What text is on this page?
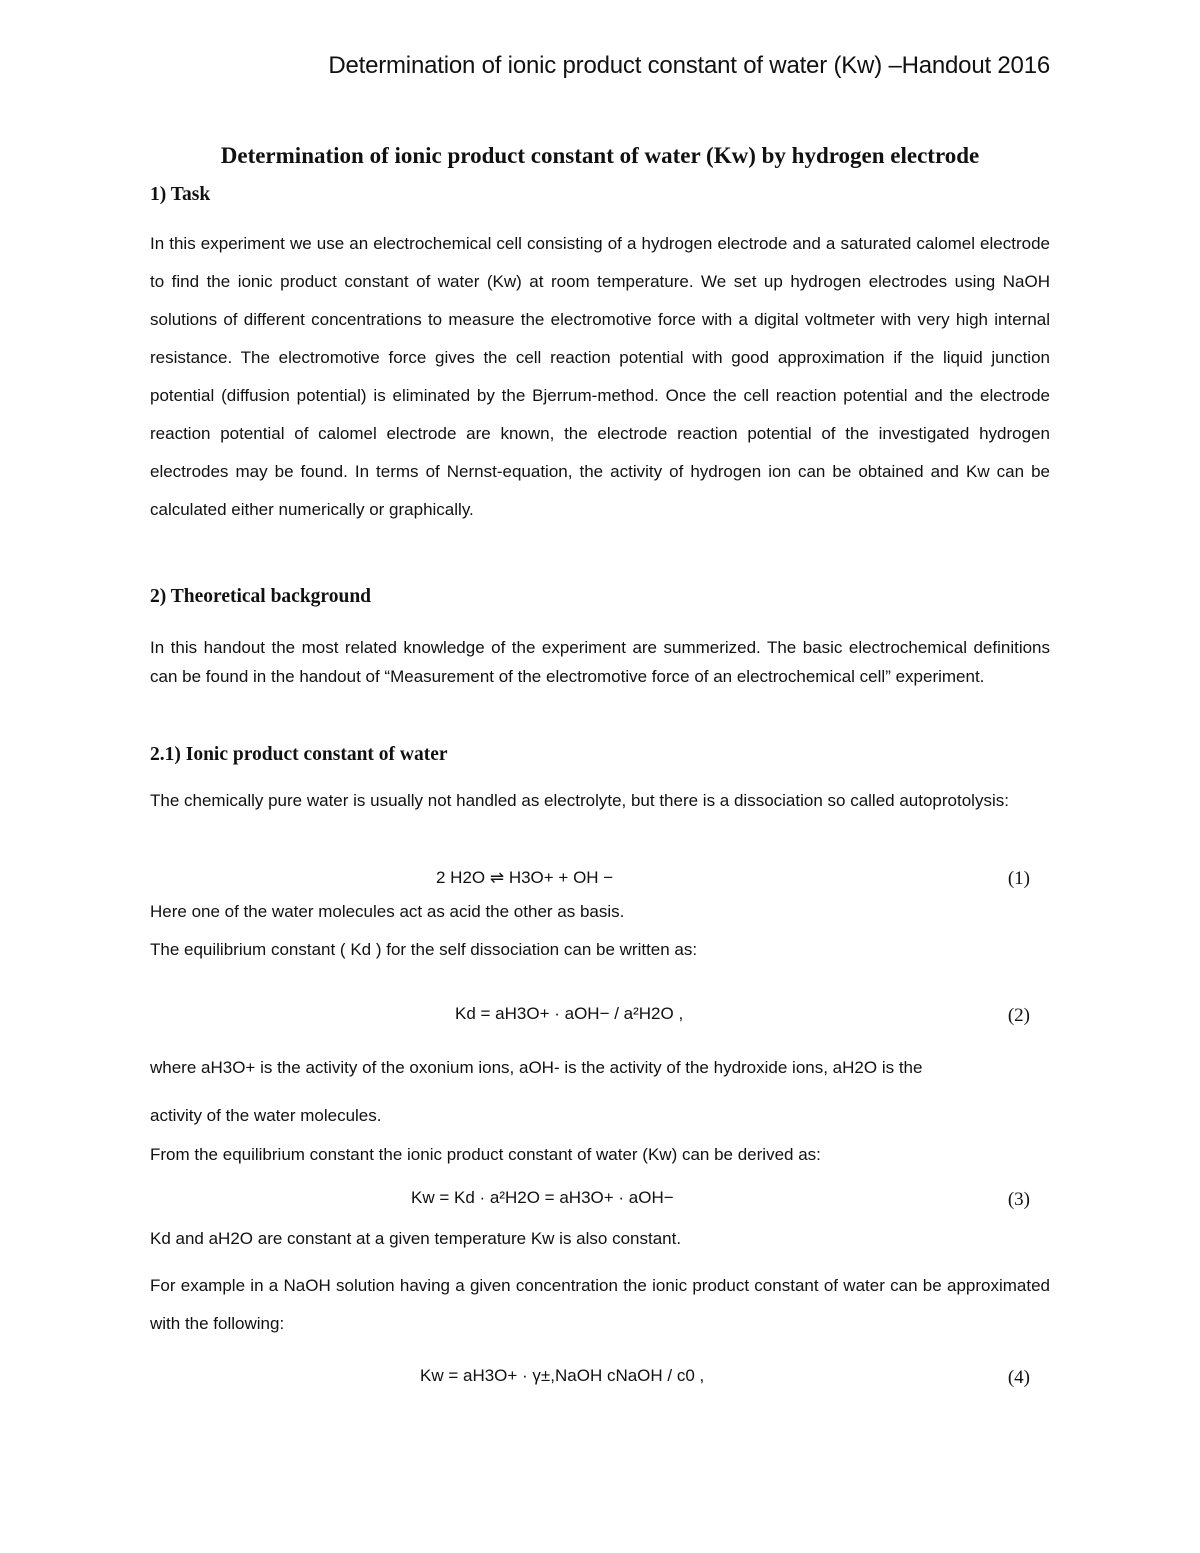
Determination of ionic product constant of water (Kw) –Handout 2016
Determination of ionic product constant of water (Kw) by hydrogen electrode
1) Task
In this experiment we use an electrochemical cell consisting of a hydrogen electrode and a saturated calomel electrode to find the ionic product constant of water (Kw) at room temperature. We set up hydrogen electrodes using NaOH solutions of different concentrations to measure the electromotive force with a digital voltmeter with very high internal resistance. The electromotive force gives the cell reaction potential with good approximation if the liquid junction potential (diffusion potential) is eliminated by the Bjerrum-method. Once the cell reaction potential and the electrode reaction potential of calomel electrode are known, the electrode reaction potential of the investigated hydrogen electrodes may be found. In terms of Nernst-equation, the activity of hydrogen ion can be obtained and Kw can be calculated either numerically or graphically.
2) Theoretical background
In this handout the most related knowledge of the experiment are summerized. The basic electrochemical definitions can be found in the handout of “Measurement of the electromotive force of an electrochemical cell” experiment.
2.1) Ionic product constant of water
The chemically pure water is usually not handled as electrolyte, but there is a dissociation so called autoprotolysis:
2 H2O ⇌ H3O+ + OH −	(1)
Here one of the water molecules act as acid the other as basis.
The equilibrium constant ( Kd ) for the self dissociation can be written as:
Kd = aH3O+ · aOH− / a²H2O ,	(2)
where aH3O+ is the activity of the oxonium ions, aOH- is the activity of the hydroxide ions, aH2O is the
activity of the water molecules.
From the equilibrium constant the ionic product constant of water (Kw) can be derived as:
Kw = Kd · a²H2O = aH3O+ · aOH−	(3)
Kd and aH2O are constant at a given temperature Kw is also constant.
For example in a NaOH solution having a given concentration the ionic product constant of water can be approximated with the following:
Kw = aH3O+ · γ±,NaOH cNaOH / c0 ,	(4)
